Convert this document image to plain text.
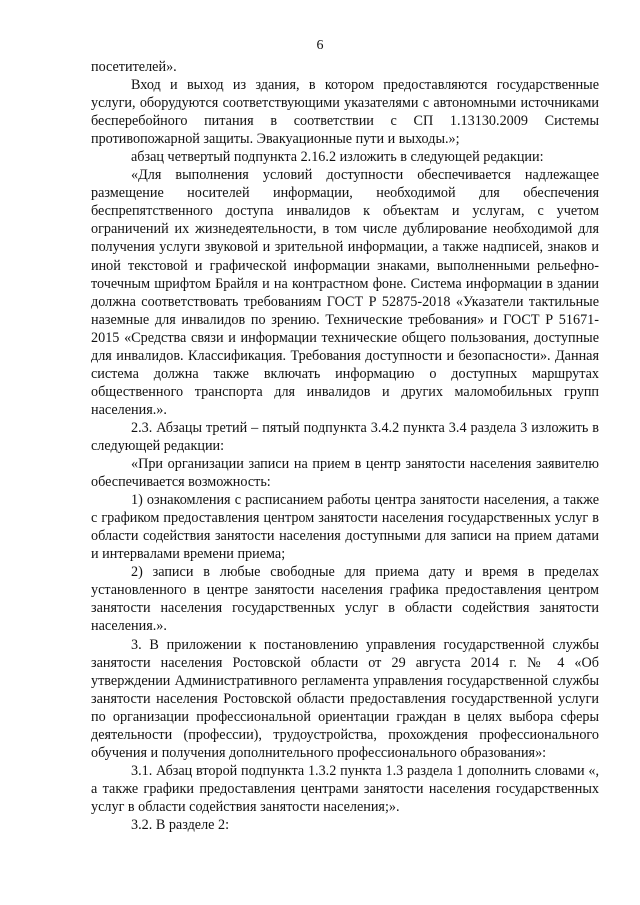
6

посетителей».

Вход и выход из здания, в котором предоставляются государственные услуги, оборудуются соответствующими указателями с автономными источниками бесперебойного питания в соответствии с СП 1.13130.2009 Системы противопожарной защиты. Эвакуационные пути и выходы.»;

абзац четвертый подпункта 2.16.2 изложить в следующей редакции:

«Для выполнения условий доступности обеспечивается надлежащее размещение носителей информации, необходимой для обеспечения беспрепятственного доступа инвалидов к объектам и услугам, с учетом ограничений их жизнедеятельности, в том числе дублирование необходимой для получения услуги звуковой и зрительной информации, а также надписей, знаков и иной текстовой и графической информации знаками, выполненными рельефно-точечным шрифтом Брайля и на контрастном фоне. Система информации в здании должна соответствовать требованиям ГОСТ Р 52875-2018 «Указатели тактильные наземные для инвалидов по зрению. Технические требования» и ГОСТ Р 51671-2015 «Средства связи и информации технические общего пользования, доступные для инвалидов. Классификация. Требования доступности и безопасности». Данная система должна также включать информацию о доступных маршрутах общественного транспорта для инвалидов и других маломобильных групп населения.».

2.3. Абзацы третий – пятый подпункта 3.4.2 пункта 3.4 раздела 3 изложить в следующей редакции:

«При организации записи на прием в центр занятости населения заявителю обеспечивается возможность:

1) ознакомления с расписанием работы центра занятости населения, а также с графиком предоставления центром занятости населения государственных услуг в области содействия занятости населения доступными для записи на прием датами и интервалами времени приема;

2) записи в любые свободные для приема дату и время в пределах установленного в центре занятости населения графика предоставления центром занятости населения государственных услуг в области содействия занятости населения.».

3. В приложении к постановлению управления государственной службы занятости населения Ростовской области от 29 августа 2014 г. № 4 «Об утверждении Административного регламента управления государственной службы занятости населения Ростовской области предоставления государственной услуги по организации профессиональной ориентации граждан в целях выбора сферы деятельности (профессии), трудоустройства, прохождения профессионального обучения и получения дополнительного профессионального образования»:

3.1. Абзац второй подпункта 1.3.2 пункта 1.3 раздела 1 дополнить словами «, а также графики предоставления центрами занятости населения государственных услуг в области содействия занятости населения;».

3.2. В разделе 2:
